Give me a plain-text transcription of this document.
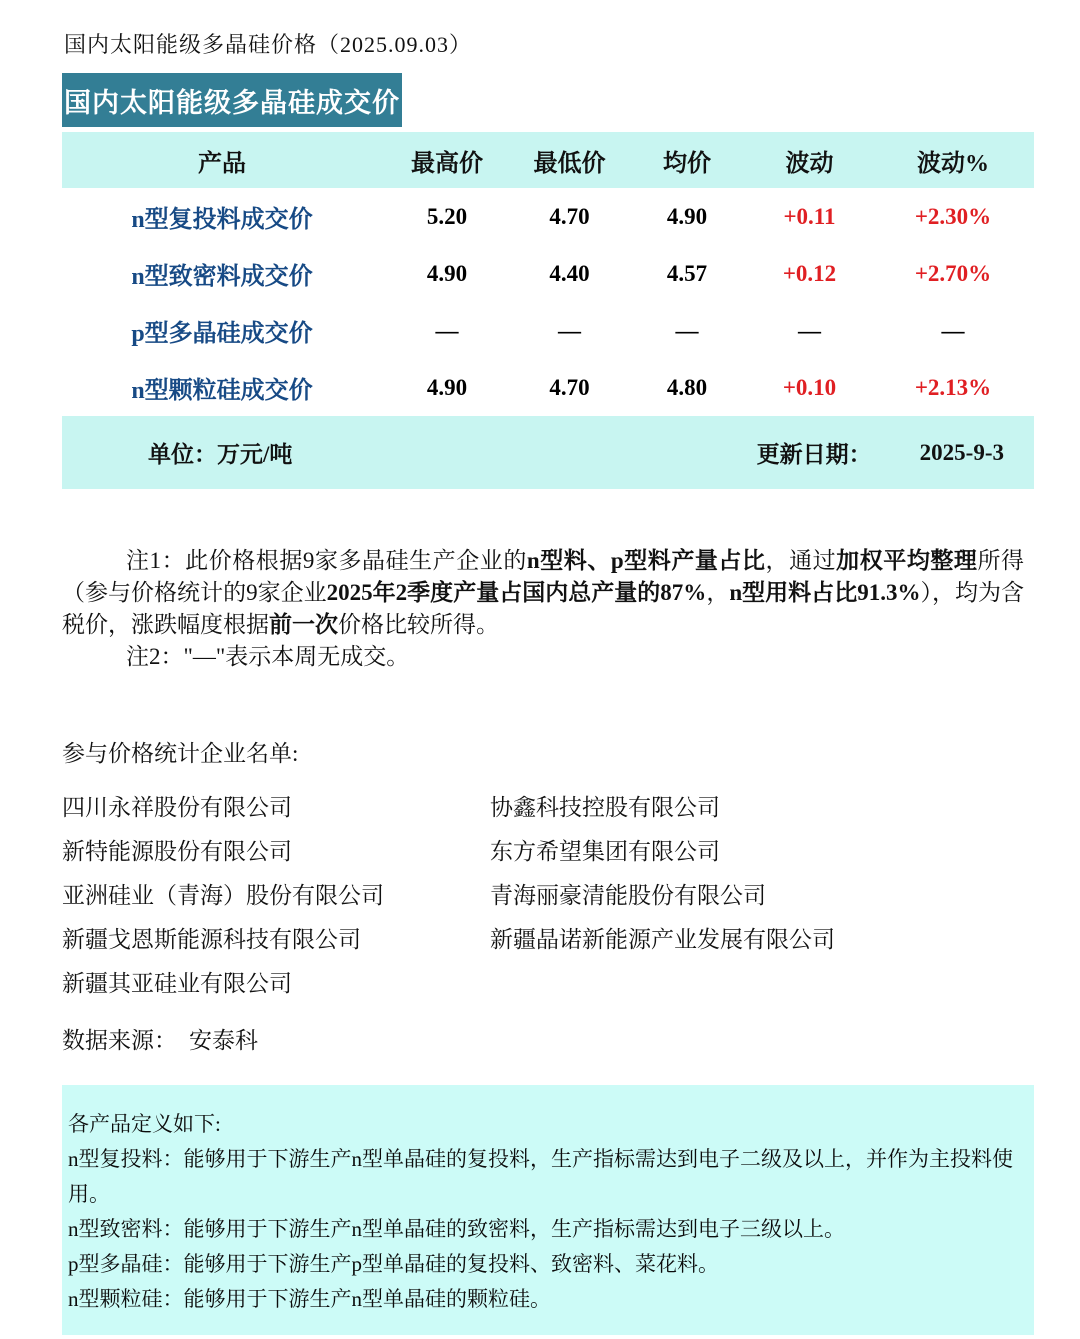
国内太阳能级多晶硅价格（2025.09.03）
国内太阳能级多晶硅成交价
产品	最高价	最低价	均价	波动	波动%
n型复投料成交价	5.20	4.70	4.90	+0.11	+2.30%
n型致密料成交价	4.90	4.40	4.57	+0.12	+2.70%
p型多晶硅成交价	—	—	—	—	—
n型颗粒硅成交价	4.90	4.70	4.80	+0.10	+2.13%
单位：万元/吨	更新日期： 2025-9-3

注1：此价格根据9家多晶硅生产企业的n型料、p型料产量占比，通过加权平均整理所得（参与价格统计的9家企业2025年2季度产量占国内总产量的87%，n型用料占比91.3%），均为含税价，涨跌幅度根据前一次价格比较所得。

注2："—"表示本周无成交。

参与价格统计企业名单:
四川永祥股份有限公司
新特能源股份有限公司
亚洲硅业（青海）股份有限公司
新疆戈恩斯能源科技有限公司
新疆其亚硅业有限公司
协鑫科技控股有限公司
东方希望集团有限公司
青海丽豪清能股份有限公司
新疆晶诺新能源产业发展有限公司
数据来源： 安泰科

各产品定义如下:

n型复投料：能够用于下游生产n型单晶硅的复投料，生产指标需达到电子二级及以上，并作为主投料使用。

n型致密料：能够用于下游生产n型单晶硅的致密料，生产指标需达到电子三级以上。

p型多晶硅：能够用于下游生产p型单晶硅的复投料、致密料、菜花料。

n型颗粒硅：能够用于下游生产n型单晶硅的颗粒硅。
